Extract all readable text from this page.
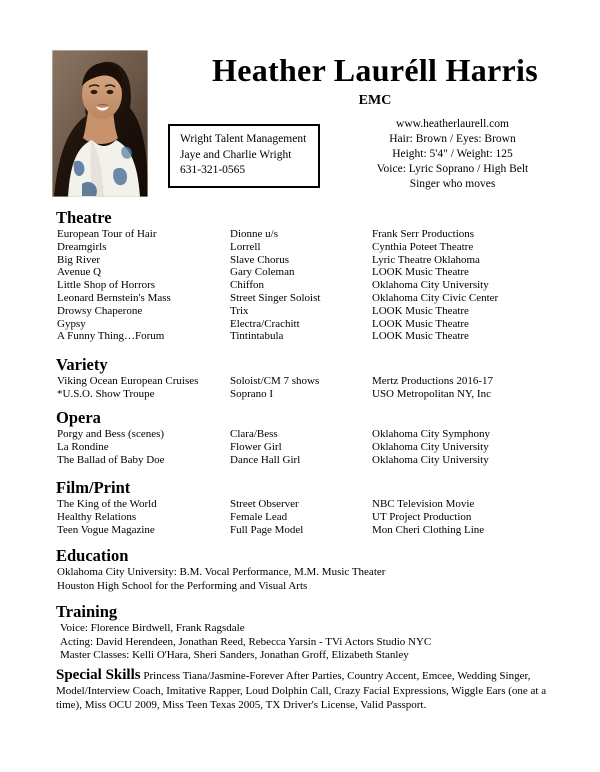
Heather Lauréll Harris
EMC
Wright Talent Management
Jaye and Charlie Wright
631-321-0565
www.heatherlaurell.com
Hair: Brown / Eyes: Brown
Height: 5'4" / Weight: 125
Voice: Lyric Soprano / High Belt
Singer who moves
Theatre
European Tour of Hair	Dionne u/s	Frank Serr Productions
Dreamgirls	Lorrell	Cynthia Poteet Theatre
Big River	Slave Chorus	Lyric Theatre Oklahoma
Avenue Q	Gary Coleman	LOOK Music Theatre
Little Shop of Horrors	Chiffon	Oklahoma City University
Leonard Bernstein's Mass	Street Singer Soloist	Oklahoma City Civic Center
Drowsy Chaperone	Trix	LOOK Music Theatre
Gypsy	Electra/Crachitt	LOOK Music Theatre
A Funny Thing…Forum	Tintintabula	LOOK Music Theatre
Variety
Viking Ocean European Cruises	Soloist/CM 7 shows	Mertz Productions 2016-17
*U.S.O. Show Troupe	Soprano I	USO Metropolitan NY, Inc
Opera
Porgy and Bess (scenes)	Clara/Bess	Oklahoma City Symphony
La Rondine	Flower Girl	Oklahoma City University
The Ballad of Baby Doe	Dance Hall Girl	Oklahoma City University
Film/Print
The King of the World	Street Observer	NBC Television Movie
Healthy Relations	Female Lead	UT Project Production
Teen Vogue Magazine	Full Page Model	Mon Cheri Clothing Line
Education
Oklahoma City University: B.M. Vocal Performance, M.M. Music Theater
Houston High School for the Performing and Visual Arts
Training
Voice: Florence Birdwell, Frank Ragsdale
Acting: David Herendeen, Jonathan Reed, Rebecca Yarsin - TVi Actors Studio NYC
Master Classes: Kelli O'Hara, Sheri Sanders, Jonathan Groff, Elizabeth Stanley
Special Skills Princess Tiana/Jasmine-Forever After Parties, Country Accent, Emcee, Wedding Singer, Model/Interview Coach, Imitative Rapper, Loud Dolphin Call, Crazy Facial Expressions, Wiggle Ears (one at a time), Miss OCU 2009, Miss Teen Texas 2005, TX Driver's License, Valid Passport.
